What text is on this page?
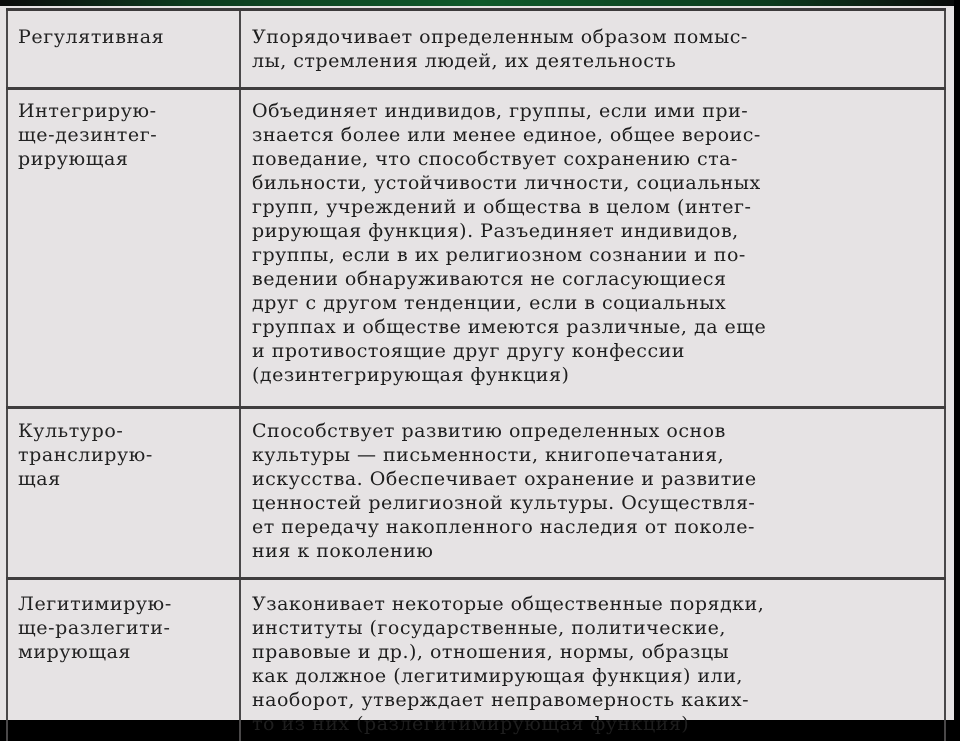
Регулятивная	Упорядочивает определенным образом помыс-
лы, стремления людей, их деятельность
Интегрирую-
ще-дезинтег-
рирующая
Объединяет индивидов, группы, если ими при-
знается более или менее единое, общее вероис-
поведание, что способствует сохранению ста-
бильности, устойчивости личности, социальных
групп, учреждений и общества в целом (интег-
рирующая функция). Разъединяет индивидов,
группы, если в их религиозном сознании и по-
ведении обнаруживаются не согласующиеся
друг с другом тенденции, если в социальных
группах и обществе имеются различные, да еще
и противостоящие друг другу конфессии
(дезинтегрирующая функция)
Культуро-
транслирую-
щая
Способствует развитию определенных основ
культуры — письменности, книгопечатания,
искусства. Обеспечивает охранение и развитие
ценностей религиозной культуры. Осуществля-
ет передачу накопленного наследия от поколе-
ния к поколению
Легитимирую-
ще-разлегити-
мирующая
Узаконивает некоторые общественные порядки,
институты (государственные, политические,
правовые и др.), отношения, нормы, образцы
как должное (легитимирующая функция) или,
наоборот, утверждает неправомерность каких-
то из них (разлегитимирующая функция)
